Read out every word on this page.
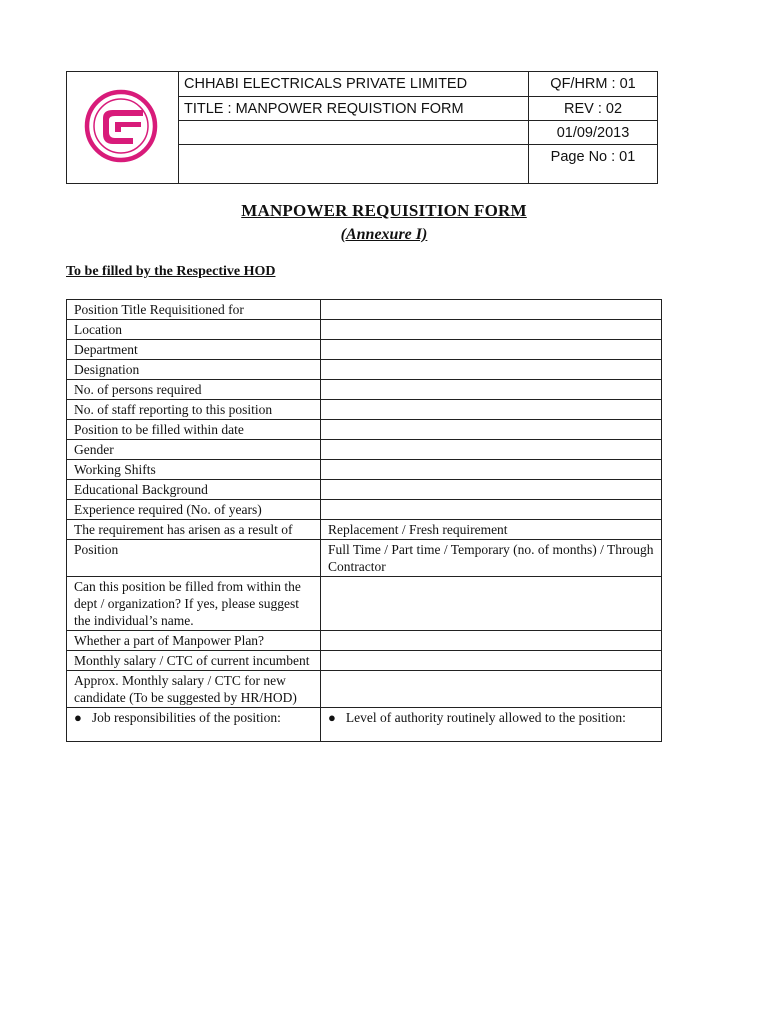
CHHABI ELECTRICALS PRIVATE LIMITED	QF/HRM : 01
TITLE : MANPOWER REQUISTION FORM	REV : 02
01/09/2013
Page No : 01
MANPOWER REQUISITION FORM
(Annexure I)
To be filled by the Respective HOD
Position Title Requisitioned for	
Location	
Department	
Designation	
No. of persons required	
No. of staff reporting to this position	
Position to be filled within date	
Gender	
Working Shifts	
Educational Background	
Experience required (No. of years)	
The requirement has arisen as a result of	Replacement / Fresh requirement
Position	Full Time / Part time / Temporary (no. of months) / Through Contractor
Can this position be filled from within the dept / organization? If yes, please suggest the individual’s name.	
Whether a part of Manpower Plan?	
Monthly salary / CTC of current incumbent	
Approx. Monthly salary / CTC for new candidate (To be suggested by HR/HOD)	

● Job responsibilities of the position:	● Level of authority routinely allowed to the position:
